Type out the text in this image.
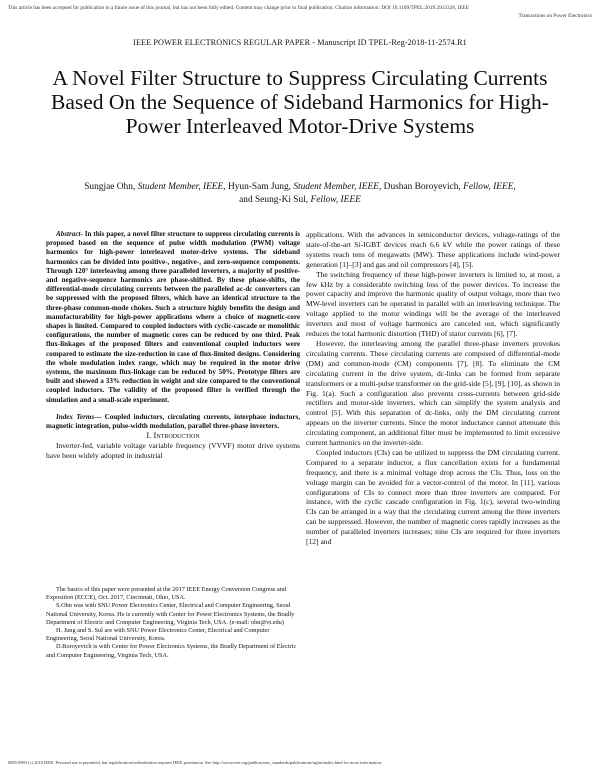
This article has been accepted for publication in a future issue of this journal, but has not been fully edited. Content may change prior to final publication. Citation information: DOI 10.1109/TPEL.2019.2913326, IEEE
Transactions on Power Electronics
IEEE POWER ELECTRONICS REGULAR PAPER - Manuscript ID TPEL-Reg-2018-11-2574.R1
A Novel Filter Structure to Suppress Circulating Currents Based On the Sequence of Sideband Harmonics for High-Power Interleaved Motor-Drive Systems
Sungjae Ohn, Student Member, IEEE, Hyun-Sam Jung, Student Member, IEEE, Dushan Boroyevich, Fellow, IEEE,
and Seung-Ki Sul, Fellow, IEEE

Abstract- In this paper, a novel filter structure to suppress circulating currents is proposed based on the sequence of pulse width modulation (PWM) voltage harmonics for high-power interleaved motor-drive systems. The sideband harmonics can be divided into positive-, negative-, and zero-sequence components. Through 120° interleaving among three paralleled inverters, a majority of positive- and negative-sequence harmonics are phase-shifted. By these phase-shifts, the differential-mode circulating currents between the paralleled ac-dc converters can be suppressed with the proposed filters, which have an identical structure to the three-phase common-mode chokes. Such a structure highly benefits the design and manufacturability for high-power applications where a choice of magnetic-core shapes is limited. Compared to coupled inductors with cyclic-cascade or monolithic configurations, the number of magnetic cores can be reduced by one third. Peak flux-linkages of the proposed filters and conventional coupled inductors were compared to estimate the size-reduction in case of flux-limited designs. Considering the whole modulation index range, which may be required in the motor drive systems, the maximum flux-linkage can be reduced by 50%. Prototype filters are built and showed a 33% reduction in weight and size compared to the conventional coupled inductors. The validity of the proposed filter is verified through the simulation and a small-scale experiment.

Index Terms— Coupled inductors, circulating currents, interphase inductors, magnetic integration, pulse-width modulation, parallel three-phase inverters.

I. Introduction

Inverter-fed, variable voltage variable frequency (VVVF) motor drive systems have been widely adopted in industrial

The basics of this paper were presented at the 2017 IEEE Energy Conversion Congress and Exposition (ECCE), Oct. 2017, Cincinnati, Ohio, USA.

S.Ohn was with SNU Power Electronics Center, Electrical and Computer Engineering, Seoul National University, Korea. He is currently with Center for Power Electronics Systems, the Bradly Department of Electric and Computer Engineering, Virginia Tech, USA. (e-mail: ohn@vt.edu)

H. Jung and S. Sul are with SNU Power Electronics Center, Electrical and Computer Engineering, Seoul National University, Korea.

D.Boroyevich is with Center for Power Electronics Systems, the Bradly Department of Electric and Computer Engineering, Virginia Tech, USA.

applications. With the advances in semiconductor devices, voltage-ratings of the state-of-the-art Si-IGBT devices reach 6.6 kV while the power ratings of these systems reach tens of megawatts (MW). These applications include wind-power generation [1]–[3] and gas and oil compressors [4], [5].

The switching frequency of these high-power inverters is limited to, at most, a few kHz by a considerable switching loss of the power devices. To increase the power capacity and improve the harmonic quality of output voltage, more than two MW-level inverters can be operated in parallel with an interleaving technique. The voltage applied to the motor windings will be the average of the interleaved inverters and most of voltage harmonics are canceled out, which significantly reduces the total harmonic distortion (THD) of stator currents [6], [7].

However, the interleaving among the parallel three-phase inverters provokes circulating currents. These circulating currents are composed of differential-mode (DM) and common-mode (CM) components [7], [8]. To eliminate the CM circulating current in the drive system, dc-links can be formed from separate transformers or a multi-pulse transformer on the grid-side [5], [9], [10], as shown in Fig. 1(a). Such a configuration also prevents cross-currents between grid-side rectifiers and motor-side inverters, which can simplify the system analysis and control [5]. With this separation of dc-links, only the DM circulating current appears on the inverter currents. Since the motor inductance cannot attenuate this circulating component, an additional filter must be implemented to limit excessive current harmonics on the inverter-side.

Coupled inductors (CIs) can be utilized to suppress the DM circulating current. Compared to a separate inductor, a flux cancellation exists for a fundamental frequency, and there is a minimal voltage drop across the CIs. Thus, loss on the voltage margin can be avoided for a vector-control of the motor. In [11], various configurations of CIs to connect more than three inverters are compared. For instance, with the cyclic cascade configuration in Fig. 1(c), several two-winding CIs can be arranged in a way that the circulating current among the three inverters can be suppressed. However, the number of magnetic cores rapidly increases as the number of paralleled inverters increases; nine CIs are required for three inverters [12] and

0885-8993 (c) 2018 IEEE. Personal use is permitted, but republication/redistribution requires IEEE permission. See http://www.ieee.org/publications_standards/publications/rights/index.html for more information.
